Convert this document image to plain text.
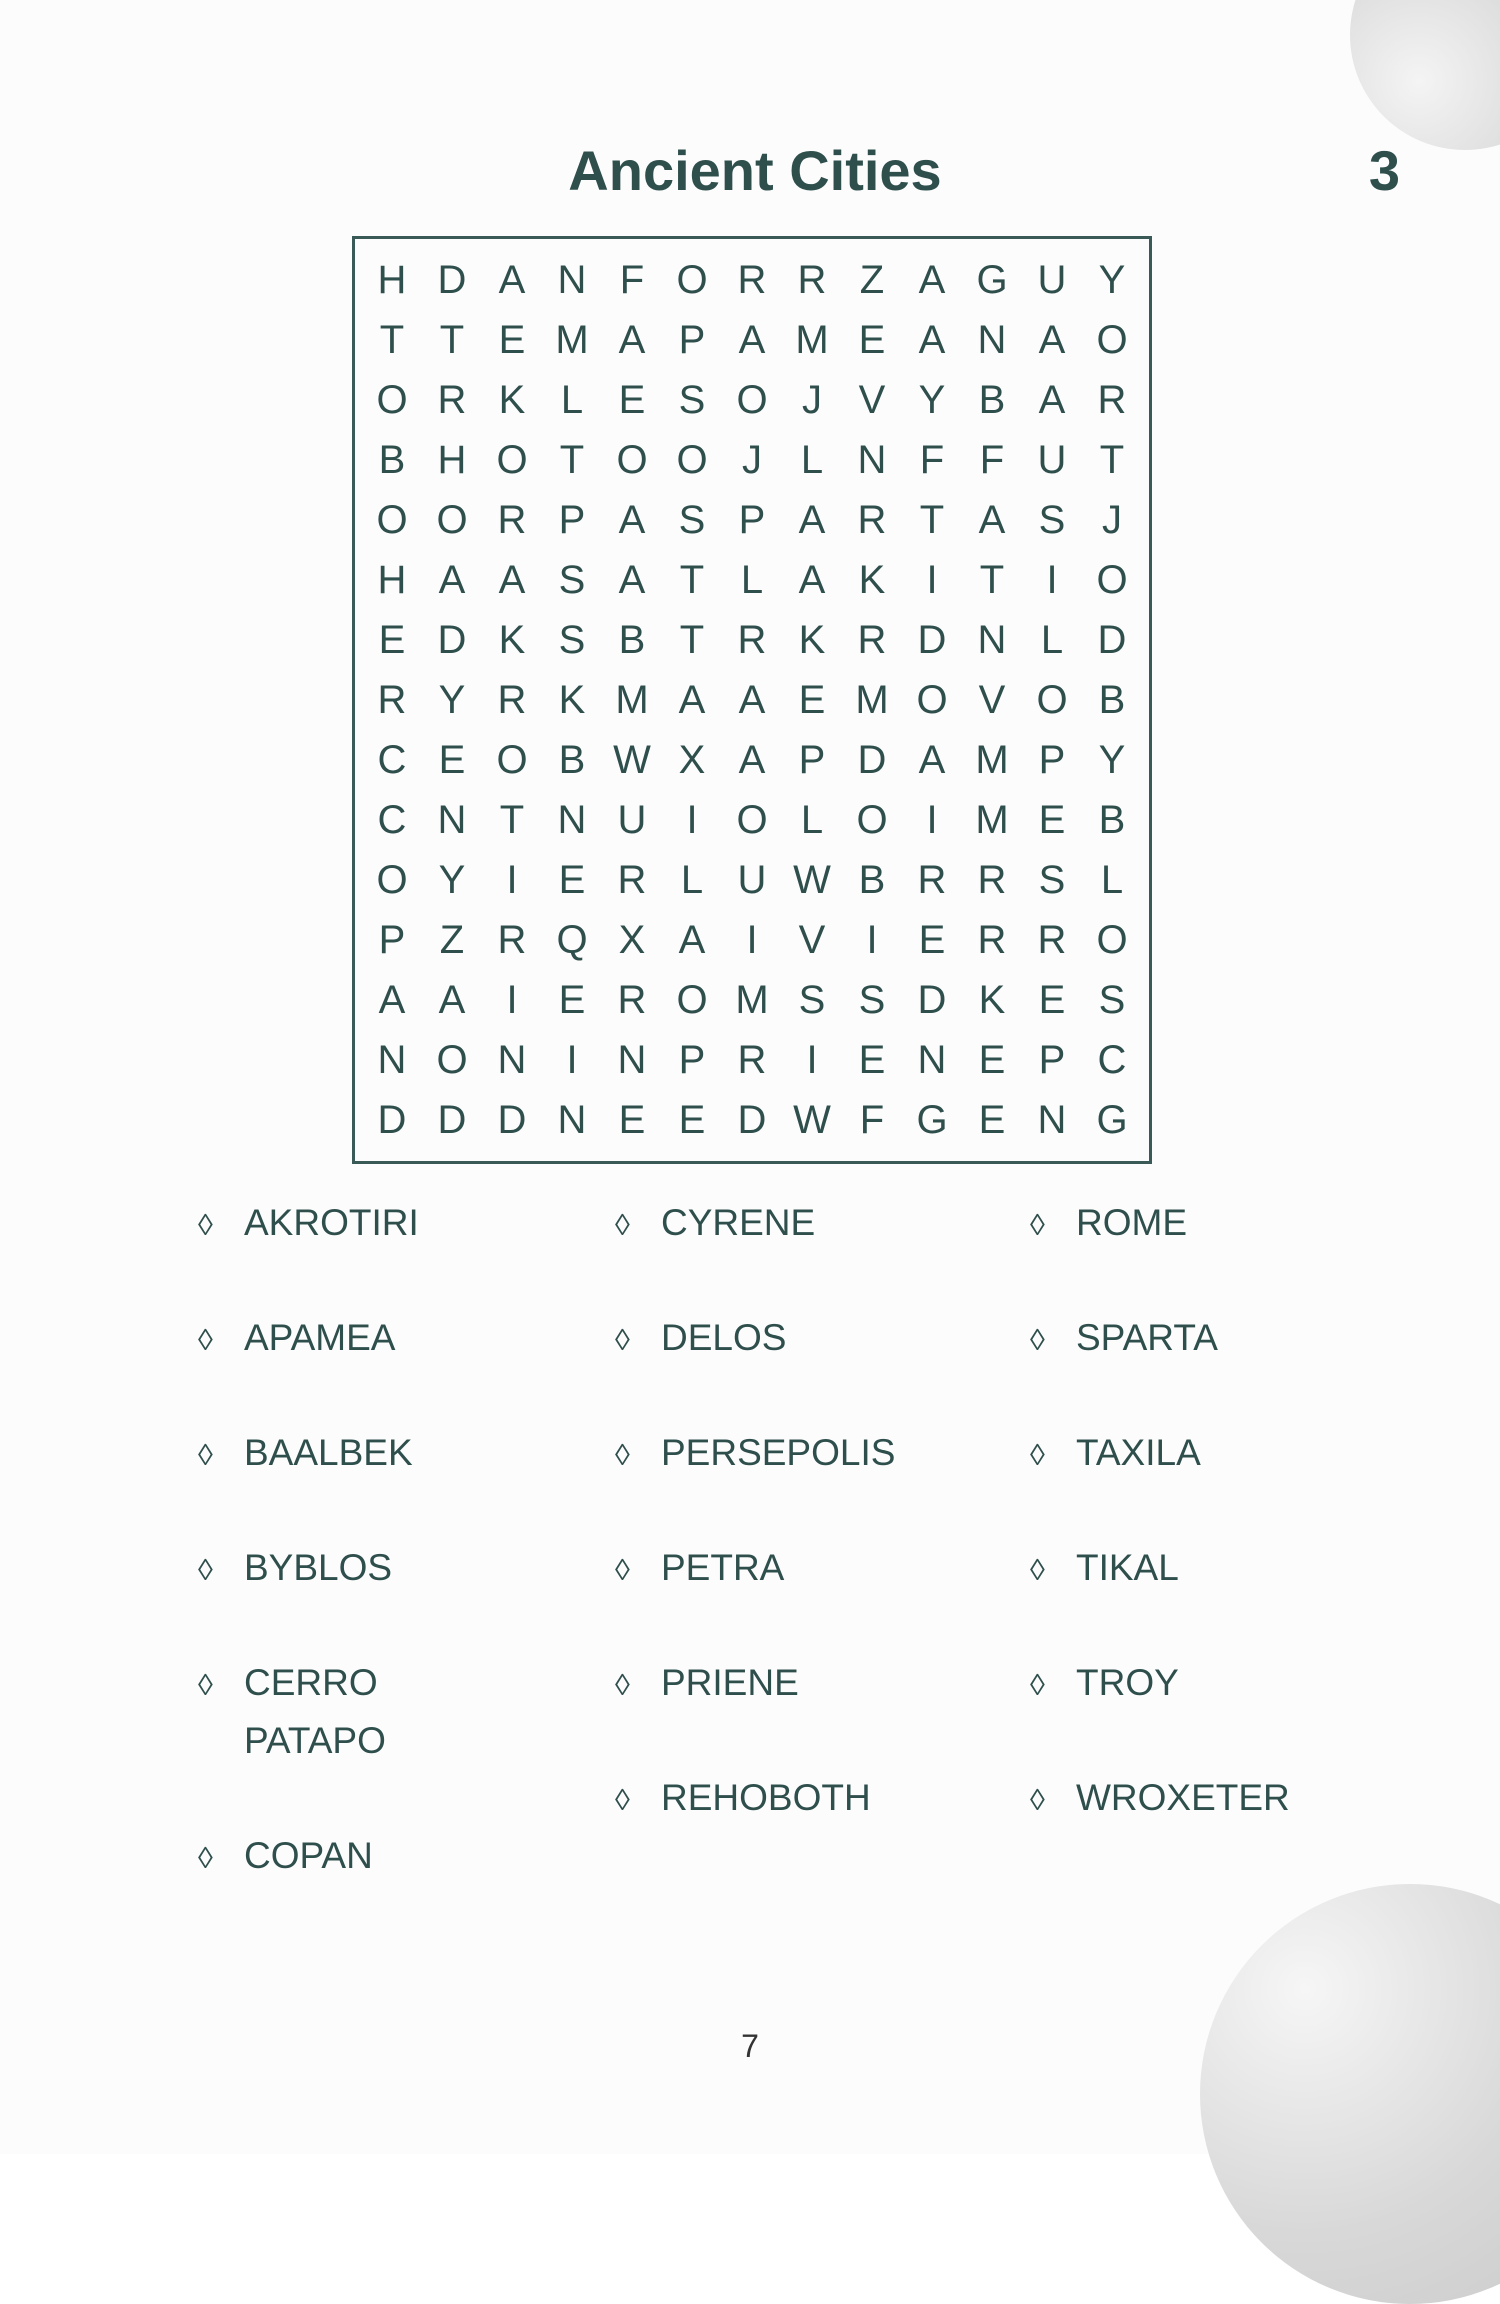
Ancient Cities	3
H D A N F O R R Z A G U Y
T T E M A P A M E A N A O
O R K L E S O J V Y B A R
B H O T O O J L N F F U T
O O R P A S P A R T A S J
H A A S A T L A K	I	T	I O
E D K S B T R K R D N L D
R Y R K M A A E M O V O B
C E O B W X A P D A M P Y
C N T N U	I O L O I M E B
O Y	I	E R L U W B R R S L
P Z R Q X A	I	V	I	E R R O
A A	I	E R O M S S D K E S
N O N	I N P R	I	E N E P C
D D D N E E D W F G E N G
◊ AKROTIRI
◊ APAMEA
◊ BAALBEK
◊ BYBLOS
◊ CERRO PATAPO
◊ COPAN
◊ CYRENE
◊ DELOS
◊ PERSEPOLIS
◊ PETRA
◊ PRIENE
◊ REHOBOTH
◊ ROME
◊ SPARTA
◊ TAXILA
◊ TIKAL
◊ TROY
◊ WROXETER
7
